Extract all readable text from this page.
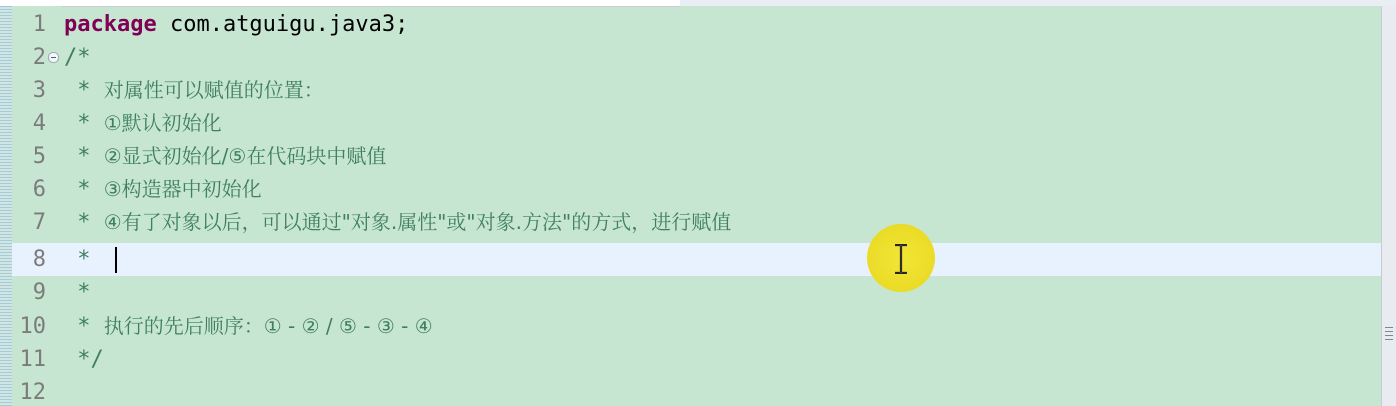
1 package com.atguigu.java3;
2 /*
3 * 对属性可以赋值的位置：
4 * ①默认初始化
5 * ②显式初始化/⑤在代码块中赋值
6 * ③构造器中初始化
7 * ④有了对象以后，可以通过"对象.属性"或"对象.方法"的方式，进行赋值
8 *
9 *
10 * 执行的先后顺序：① - ② / ⑤ - ③ - ④
11 */
12
